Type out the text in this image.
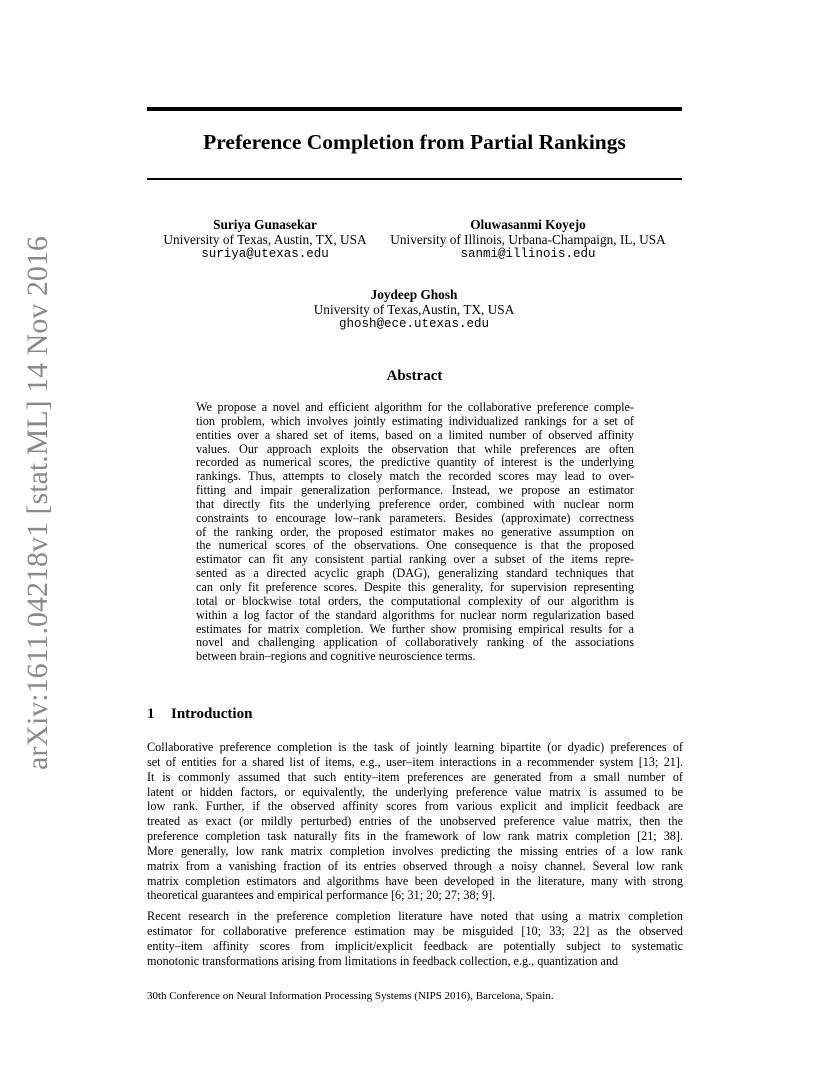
arXiv:1611.04218v1 [stat.ML] 14 Nov 2016
Preference Completion from Partial Rankings
Suriya Gunasekar
University of Texas, Austin, TX, USA
suriya@utexas.edu
Oluwasanmi Koyejo
University of Illinois, Urbana-Champaign, IL, USA
sanmi@illinois.edu
Joydeep Ghosh
University of Texas,Austin, TX, USA
ghosh@ece.utexas.edu
Abstract
We propose a novel and efficient algorithm for the collaborative preference comple-
tion problem, which involves jointly estimating individualized rankings for a set of
entities over a shared set of items, based on a limited number of observed affinity
values. Our approach exploits the observation that while preferences are often
recorded as numerical scores, the predictive quantity of interest is the underlying
rankings. Thus, attempts to closely match the recorded scores may lead to over-
fitting and impair generalization performance. Instead, we propose an estimator
that directly fits the underlying preference order, combined with nuclear norm
constraints to encourage low–rank parameters. Besides (approximate) correctness
of the ranking order, the proposed estimator makes no generative assumption on
the numerical scores of the observations. One consequence is that the proposed
estimator can fit any consistent partial ranking over a subset of the items repre-
sented as a directed acyclic graph (DAG), generalizing standard techniques that
can only fit preference scores. Despite this generality, for supervision representing
total or blockwise total orders, the computational complexity of our algorithm is
within a log factor of the standard algorithms for nuclear norm regularization based
estimates for matrix completion. We further show promising empirical results for a
novel and challenging application of collaboratively ranking of the associations
between brain–regions and cognitive neuroscience terms.
1 Introduction
Collaborative preference completion is the task of jointly learning bipartite (or dyadic) preferences of
set of entities for a shared list of items, e.g., user–item interactions in a recommender system [13; 21].
It is commonly assumed that such entity–item preferences are generated from a small number of
latent or hidden factors, or equivalently, the underlying preference value matrix is assumed to be
low rank. Further, if the observed affinity scores from various explicit and implicit feedback are
treated as exact (or mildly perturbed) entries of the unobserved preference value matrix, then the
preference completion task naturally fits in the framework of low rank matrix completion [21; 38].
More generally, low rank matrix completion involves predicting the missing entries of a low rank
matrix from a vanishing fraction of its entries observed through a noisy channel. Several low rank
matrix completion estimators and algorithms have been developed in the literature, many with strong
theoretical guarantees and empirical performance [6; 31; 20; 27; 38; 9].
Recent research in the preference completion literature have noted that using a matrix completion
estimator for collaborative preference estimation may be misguided [10; 33; 22] as the observed
entity–item affinity scores from implicit/explicit feedback are potentially subject to systematic
monotonic transformations arising from limitations in feedback collection, e.g., quantization and
30th Conference on Neural Information Processing Systems (NIPS 2016), Barcelona, Spain.
